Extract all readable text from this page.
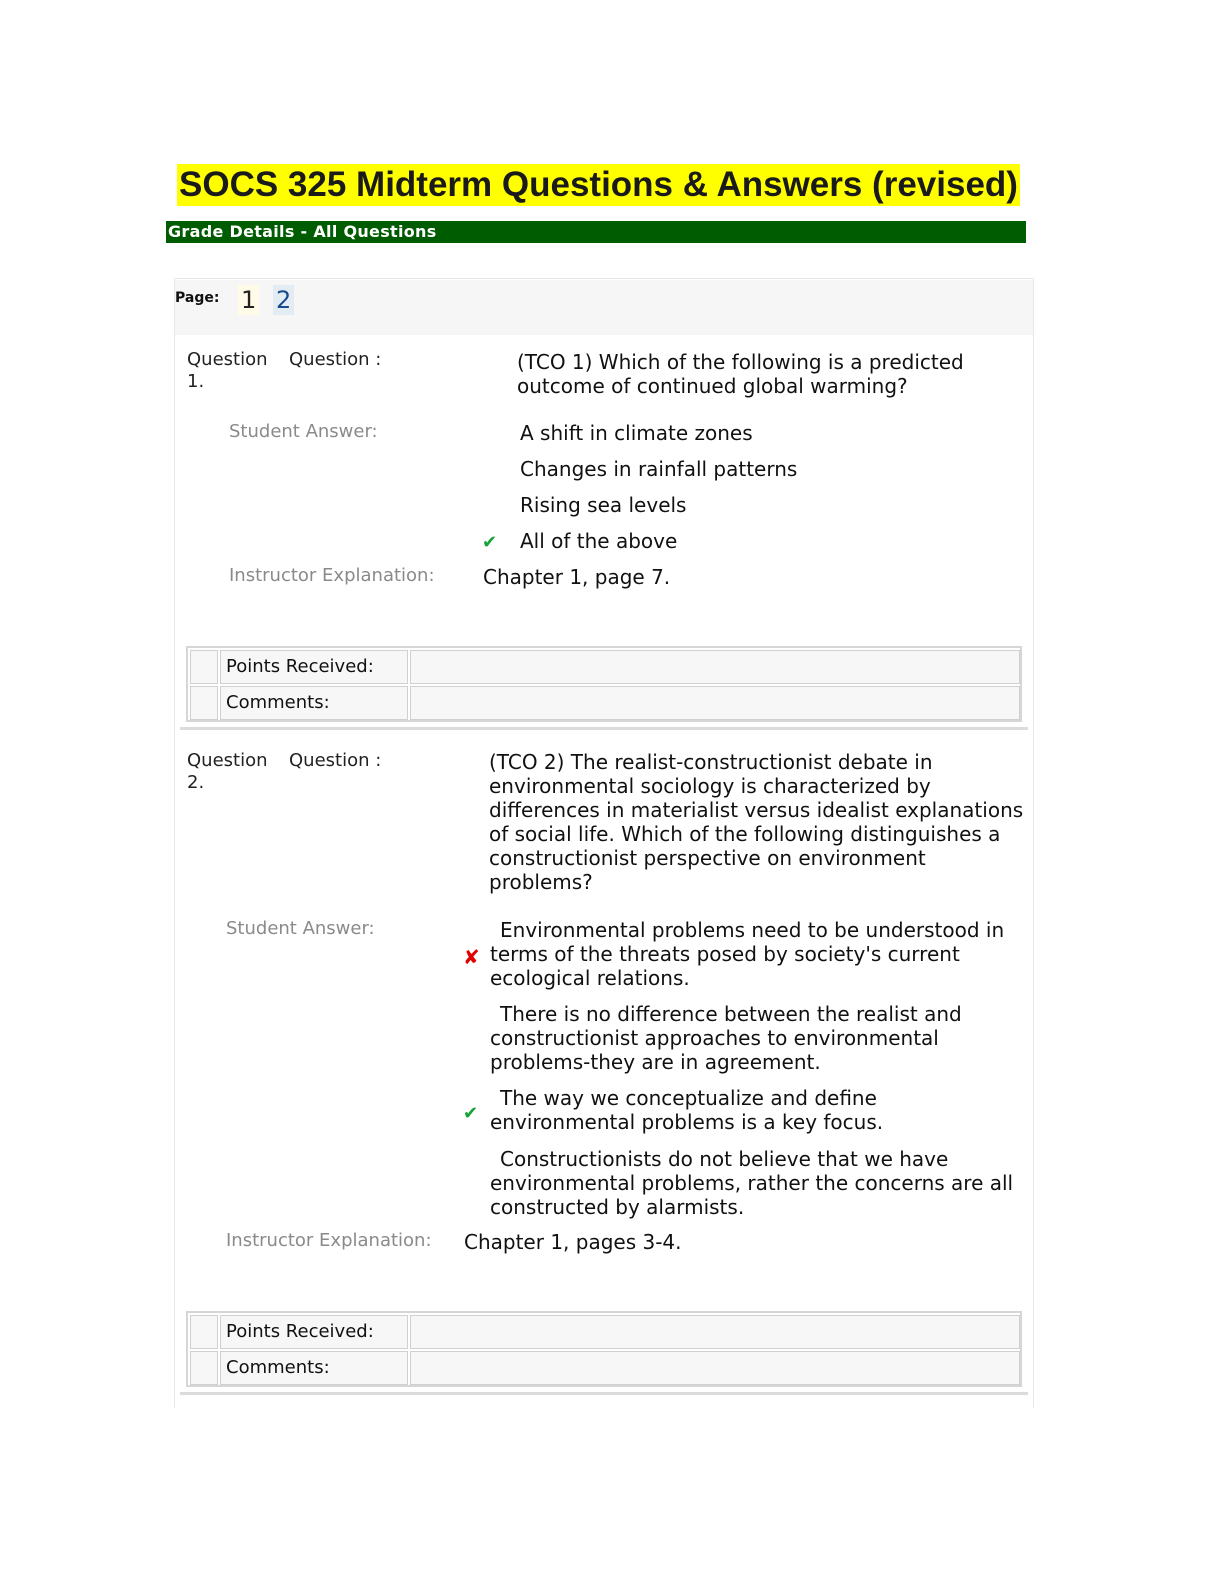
SOCS 325 Midterm Questions & Answers (revised)
Grade Details - All Questions
Page: 1 2
Question
1.
Question :	(TCO 1) Which of the following is a predicted outcome of continued global warming?
Student Answer:	A shift in climate zones
Changes in rainfall patterns
Rising sea levels
✔ All of the above
Instructor Explanation: Chapter 1, page 7.
Points Received:
Comments:
Question
2.
Question :	(TCO 2) The realist-constructionist debate in environmental sociology is characterized by differences in materialist versus idealist explanations of social life. Which of the following distinguishes a constructionist perspective on environment problems?
Student Answer:
✘
Environmental problems need to be understood in terms of the threats posed by society's current ecological relations.
There is no difference between the realist and constructionist approaches to environmental problems-they are in agreement.
✔
The way we conceptualize and define environmental problems is a key focus.
Constructionists do not believe that we have environmental problems, rather the concerns are all constructed by alarmists.
Instructor Explanation: Chapter 1, pages 3-4.
Points Received:
Comments:
